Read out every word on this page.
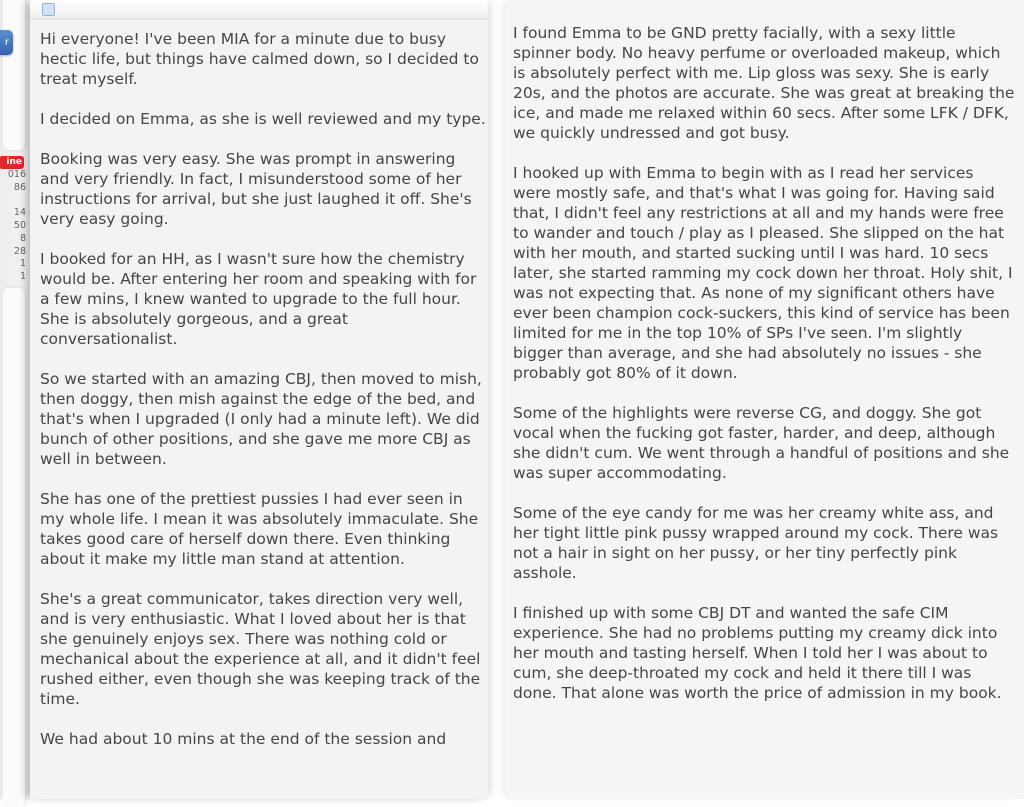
r
ine
016
86
14
50
8
28
1
1

Hi everyone! I've been MIA for a minute due to busy hectic life, but things have calmed down, so I decided to treat myself.

I decided on Emma, as she is well reviewed and my type.

Booking was very easy. She was prompt in answering and very friendly. In fact, I misunderstood some of her instructions for arrival, but she just laughed it off. She's very easy going.

I booked for an HH, as I wasn't sure how the chemistry would be. After entering her room and speaking with for a few mins, I knew wanted to upgrade to the full hour. She is absolutely gorgeous, and a great conversationalist.

So we started with an amazing CBJ, then moved to mish, then doggy, then mish against the edge of the bed, and that's when I upgraded (I only had a minute left). We did bunch of other positions, and she gave me more CBJ as well in between.

She has one of the prettiest pussies I had ever seen in my whole life. I mean it was absolutely immaculate. She takes good care of herself down there. Even thinking about it make my little man stand at attention.

She's a great communicator, takes direction very well, and is very enthusiastic. What I loved about her is that she genuinely enjoys sex. There was nothing cold or mechanical about the experience at all, and it didn't feel rushed either, even though she was keeping track of the time.

We had about 10 mins at the end of the session and

I found Emma to be GND pretty facially, with a sexy little spinner body. No heavy perfume or overloaded makeup, which is absolutely perfect with me. Lip gloss was sexy. She is early 20s, and the photos are accurate. She was great at breaking the ice, and made me relaxed within 60 secs. After some LFK / DFK, we quickly undressed and got busy.

I hooked up with Emma to begin with as I read her services were mostly safe, and that's what I was going for. Having said that, I didn't feel any restrictions at all and my hands were free to wander and touch / play as I pleased. She slipped on the hat with her mouth, and started sucking until I was hard. 10 secs later, she started ramming my cock down her throat. Holy shit, I was not expecting that. As none of my significant others have ever been champion cock-suckers, this kind of service has been limited for me in the top 10% of SPs I've seen. I'm slightly bigger than average, and she had absolutely no issues - she probably got 80% of it down.

Some of the highlights were reverse CG, and doggy. She got vocal when the fucking got faster, harder, and deep, although she didn't cum. We went through a handful of positions and she was super accommodating.

Some of the eye candy for me was her creamy white ass, and her tight little pink pussy wrapped around my cock. There was not a hair in sight on her pussy, or her tiny perfectly pink asshole.

I finished up with some CBJ DT and wanted the safe CIM experience. She had no problems putting my creamy dick into her mouth and tasting herself. When I told her I was about to cum, she deep-throated my cock and held it there till I was done. That alone was worth the price of admission in my book.
